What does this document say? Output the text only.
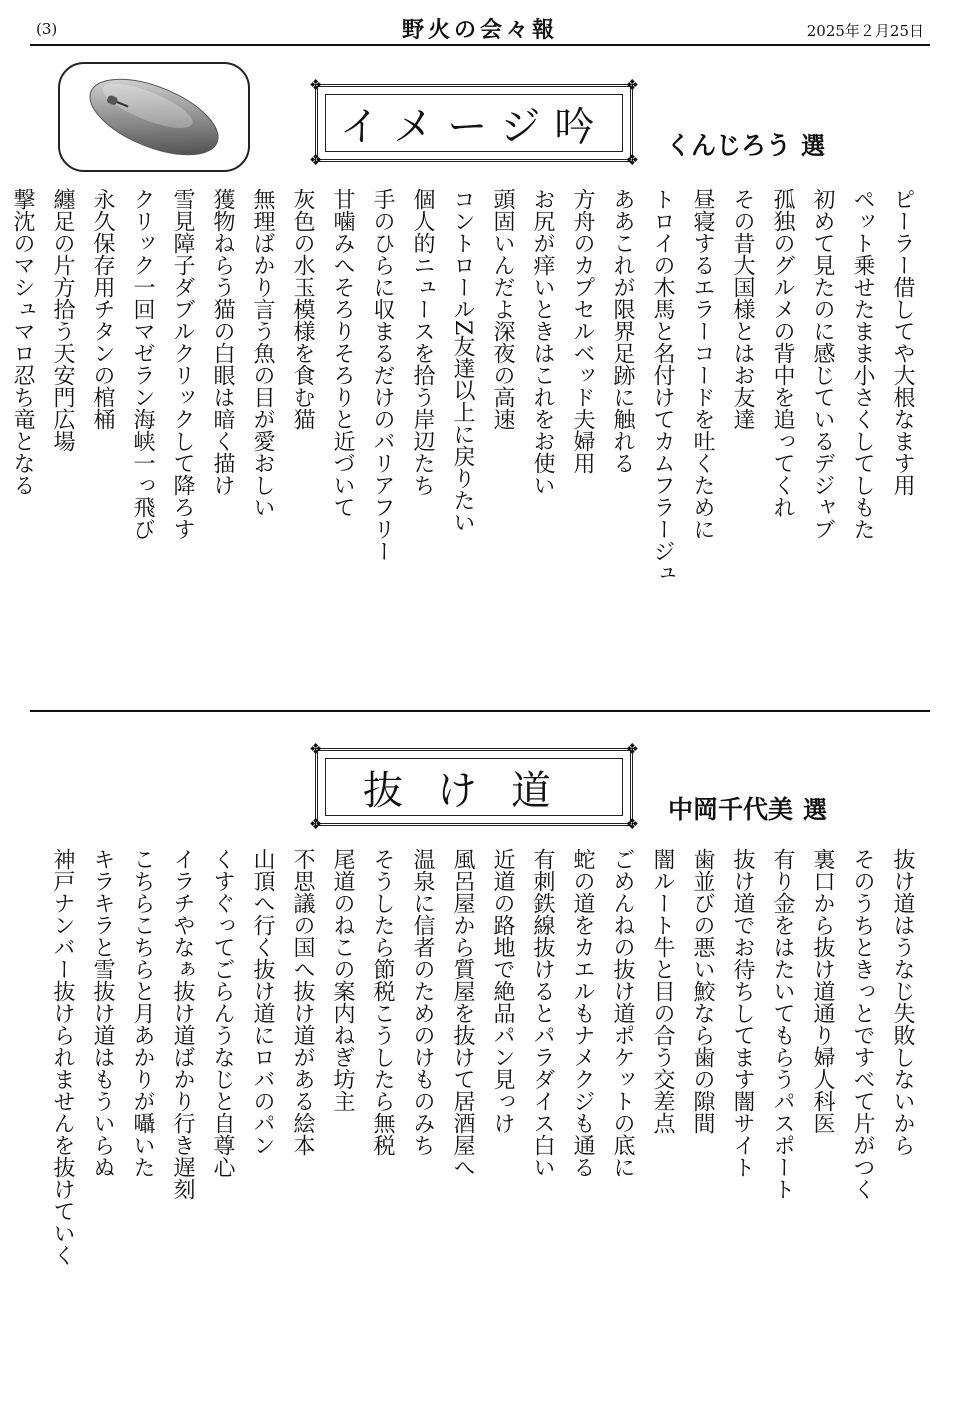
(3)	野火の会々報	2025年２月25日
❖	❖
❖	❖
イメージ吟 くんじろう 選
ピーラー借してや大根なます用
ペット乗せたまま小さくしてしもた
初めて見たのに感じているデジャブ
孤独のグルメの背中を追ってくれ
その昔大国様とはお友達
昼寝するエラーコードを吐くために
トロイの木馬と名付けてカムフラージュ
ああこれが限界足跡に触れる
方舟のカプセルベッド夫婦用
お尻が痒いときはこれをお使い
頭固いんだよ深夜の高速
コントロールZ友達以上に戻りたい
個人的ニュースを拾う岸辺たち
手のひらに収まるだけのバリアフリー
甘噛みへそろりそろりと近づいて
灰色の水玉模様を食む猫
無理ばかり言う魚の目が愛おしい
獲物ねらう猫の白眼は暗く描け
雪見障子ダブルクリックして降ろす
クリック一回マゼラン海峡一っ飛び
永久保存用チタンの棺桶
纏足の片方拾う天安門広場
撃沈のマシュマロ忍ち竜となる
❖	❖
❖	❖
抜け道	中岡千代美 選
抜け道はうなじ失敗しないから
そのうちときっとですべて片がつく
裏口から抜け道通り婦人科医
有り金をはたいてもらうパスポート
抜け道でお待ちしてます闇サイト
歯並びの悪い鮫なら歯の隙間
闇ルート牛と目の合う交差点
ごめんねの抜け道ポケットの底に
蛇の道をカエルもナメクジも通る
有刺鉄線抜けるとパラダイス白い
近道の路地で絶品パン見っけ
風呂屋から質屋を抜けて居酒屋へ
温泉に信者のためのけものみち
そうしたら節税こうしたら無税
尾道のねこの案内ねぎ坊主
不思議の国へ抜け道がある絵本
山頂へ行く抜け道にロバのパン
くすぐってごらんうなじと自尊心
イラチやなぁ抜け道ばかり行き遅刻
こちらこちらと月あかりが囁いた
キラキラと雪抜け道はもういらぬ
神戸ナンバー抜けられませんを抜けていく
